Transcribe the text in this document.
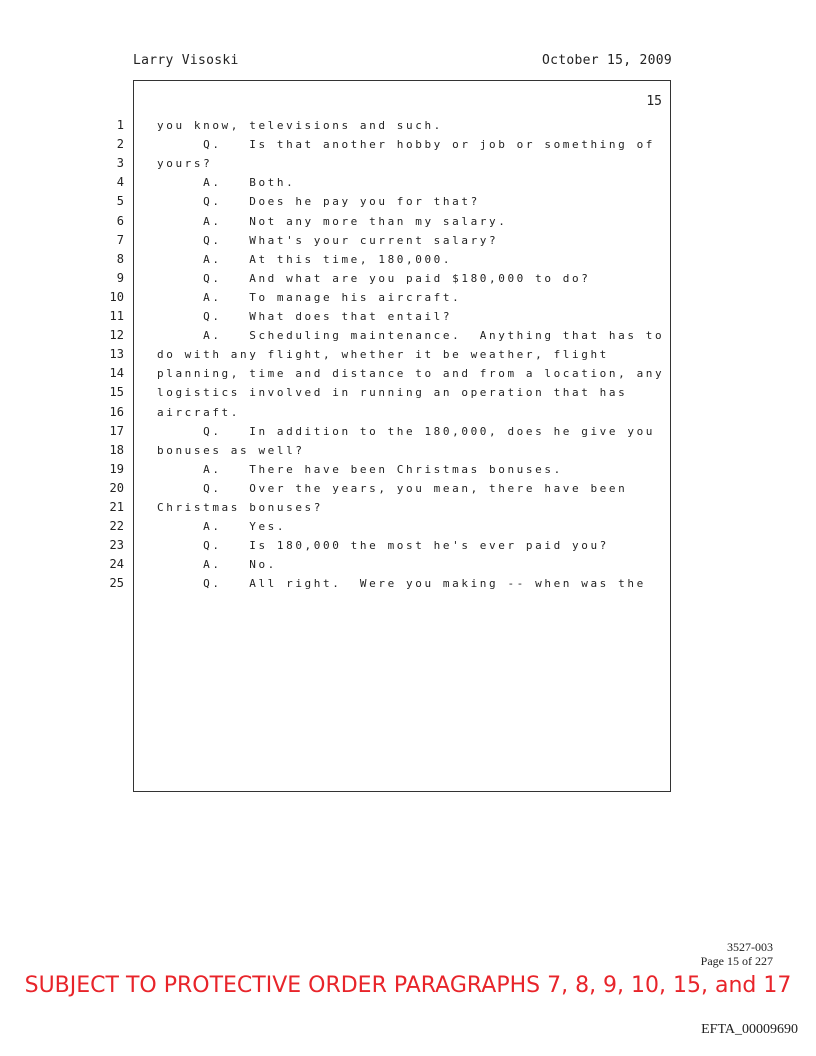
Larry Visoski	October 15, 2009
15
1	you know, televisions and such.
2	Q.   Is that another hobby or job or something of
3	yours?
4	A.   Both.
5	Q.   Does he pay you for that?
6	A.   Not any more than my salary.
7	Q.   What's your current salary?
8	A.   At this time, 180,000.
9	Q.   And what are you paid $180,000 to do?
10	A.   To manage his aircraft.
11	Q.   What does that entail?
12	A.   Scheduling maintenance.  Anything that has to
13	do with any flight, whether it be weather, flight
14	planning, time and distance to and from a location, any
15	logistics involved in running an operation that has
16	aircraft.
17	Q.   In addition to the 180,000, does he give you
18	bonuses as well?
19	A.   There have been Christmas bonuses.
20	Q.   Over the years, you mean, there have been
21	Christmas bonuses?
22	A.   Yes.
23	Q.   Is 180,000 the most he's ever paid you?
24	A.   No.
25	Q.   All right.  Were you making -- when was the
3527-003
Page 15 of 227
SUBJECT TO PROTECTIVE ORDER PARAGRAPHS 7, 8, 9, 10, 15, and 17
EFTA_00009690
